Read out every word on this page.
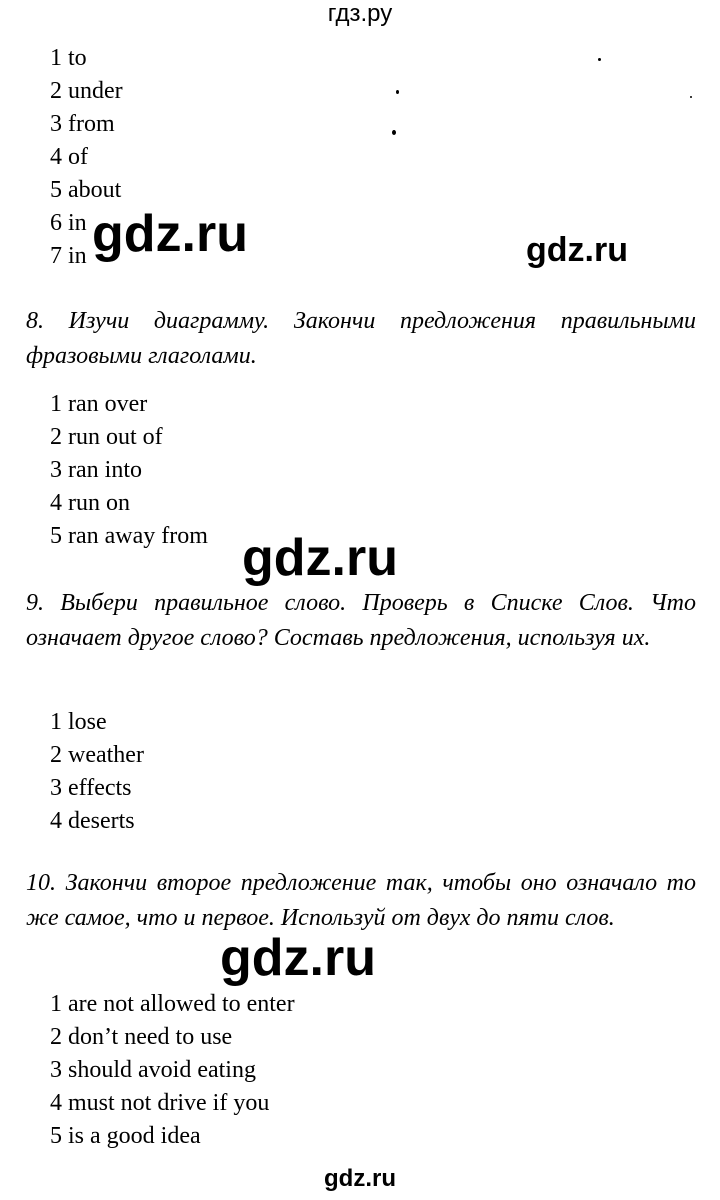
гдз.ру
1 to
2 under
3 from
4 of
5 about
6 in
7 in gdz.ru	gdz.ru

8. Изучи диаграмму. Закончи предложения правильными фразовыми глаголами.

1 ran over
2 run out of
3 ran into
4 run on
5 ran away from gdz.ru

9. Выбери правильное слово. Проверь в Списке Слов. Что означает другое слово? Составь предложения, используя их.

1 lose
2 weather
3 effects
4 deserts

10. Закончи второе предложение так, чтобы оно означало то же самое, что и первое. Используй от двух до пяти слов.

gdz.ru
1 are not allowed to enter
2 don’t need to use
3 should avoid eating
4 must not drive if you
5 is a good idea
gdz.ru
